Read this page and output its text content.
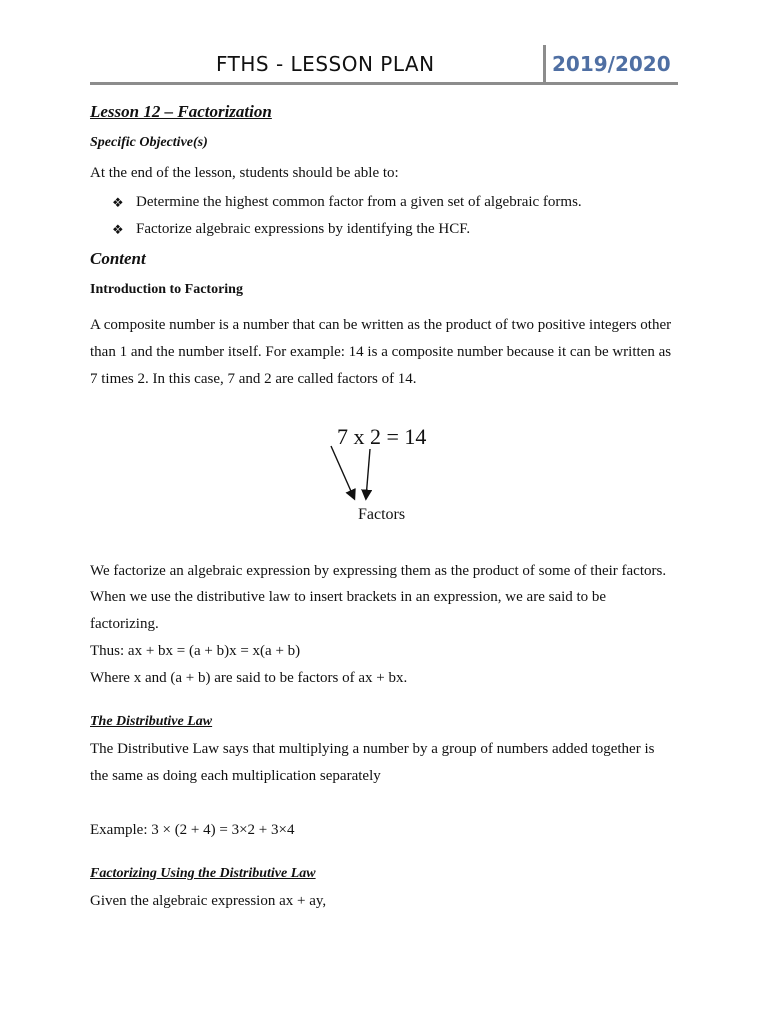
FTHS - LESSON PLAN	2019/2020
Lesson 12 – Factorization
Specific Objective(s)
At the end of the lesson, students should be able to:
❖ Determine the highest common factor from a given set of algebraic forms.
❖ Factorize algebraic expressions by identifying the HCF.
Content
Introduction to Factoring
A composite number is a number that can be written as the product of two positive integers other
than 1 and the number itself. For example: 14 is a composite number because it can be written as
7 times 2. In this case, 7 and 2 are called factors of 14.
7 x 2 = 14
Factors
We factorize an algebraic expression by expressing them as the product of some of their factors.
When we use the distributive law to insert brackets in an expression, we are said to be
factorizing.
Thus: ax + bx = (a + b)x = x(a + b)
Where x and (a + b) are said to be factors of ax + bx.
The Distributive Law
The Distributive Law says that multiplying a number by a group of numbers added together is
the same as doing each multiplication separately
Example: 3 × (2 + 4) = 3×2 + 3×4
Factorizing Using the Distributive Law
Given the algebraic expression ax + ay,
